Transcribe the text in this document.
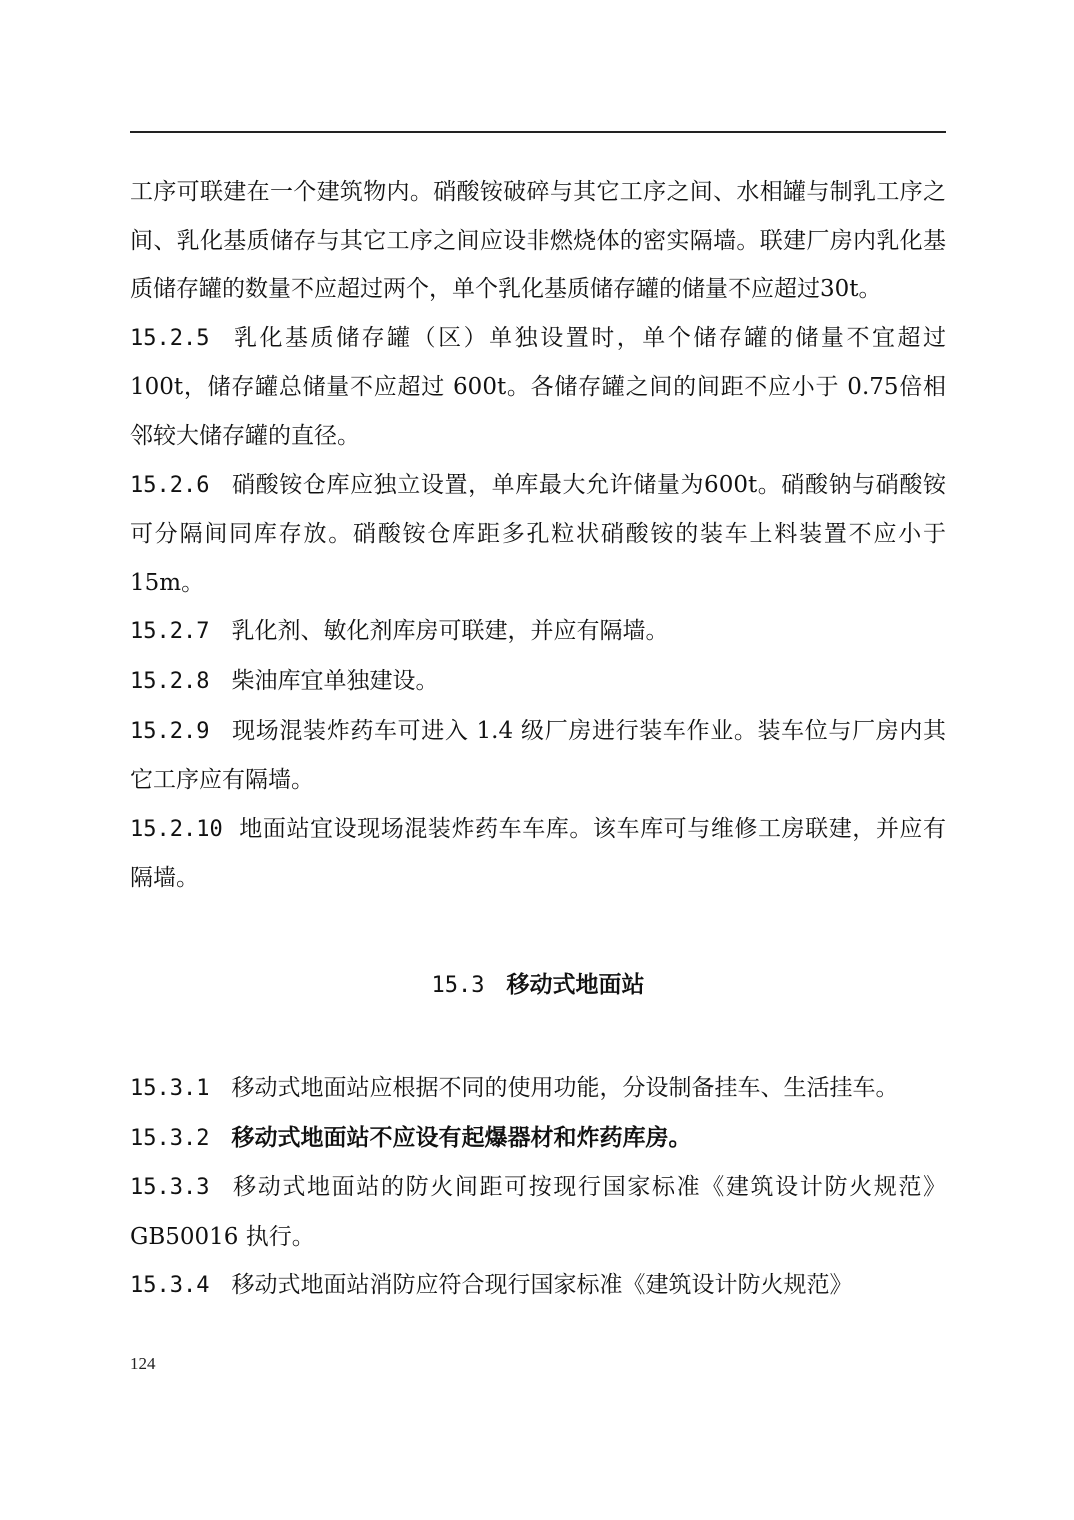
工序可联建在一个建筑物内。硝酸铵破碎与其它工序之间、水相罐与制乳工序之间、乳化基质储存与其它工序之间应设非燃烧体的密实隔墙。联建厂房内乳化基质储存罐的数量不应超过两个，单个乳化基质储存罐的储量不应超过30t。

15.2.5 乳化基质储存罐（区）单独设置时，单个储存罐的储量不宜超过100t，储存罐总储量不应超过 600t。各储存罐之间的间距不应小于 0.75倍相邻较大储存罐的直径。

15.2.6 硝酸铵仓库应独立设置，单库最大允许储量为600t。硝酸钠与硝酸铵可分隔间同库存放。硝酸铵仓库距多孔粒状硝酸铵的装车上料装置不应小于 15m。

15.2.7 乳化剂、敏化剂库房可联建，并应有隔墙。

15.2.8 柴油库宜单独建设。

15.2.9 现场混装炸药车可进入 1.4 级厂房进行装车作业。装车位与厂房内其它工序应有隔墙。

15.2.10 地面站宜设现场混装炸药车车库。该车库可与维修工房联建，并应有隔墙。

15.3 移动式地面站

15.3.1 移动式地面站应根据不同的使用功能，分设制备挂车、生活挂车。

15.3.2 移动式地面站不应设有起爆器材和炸药库房。

15.3.3 移动式地面站的防火间距可按现行国家标准《建筑设计防火规范》GB50016 执行。

15.3.4 移动式地面站消防应符合现行国家标准《建筑设计防火规范》

124
